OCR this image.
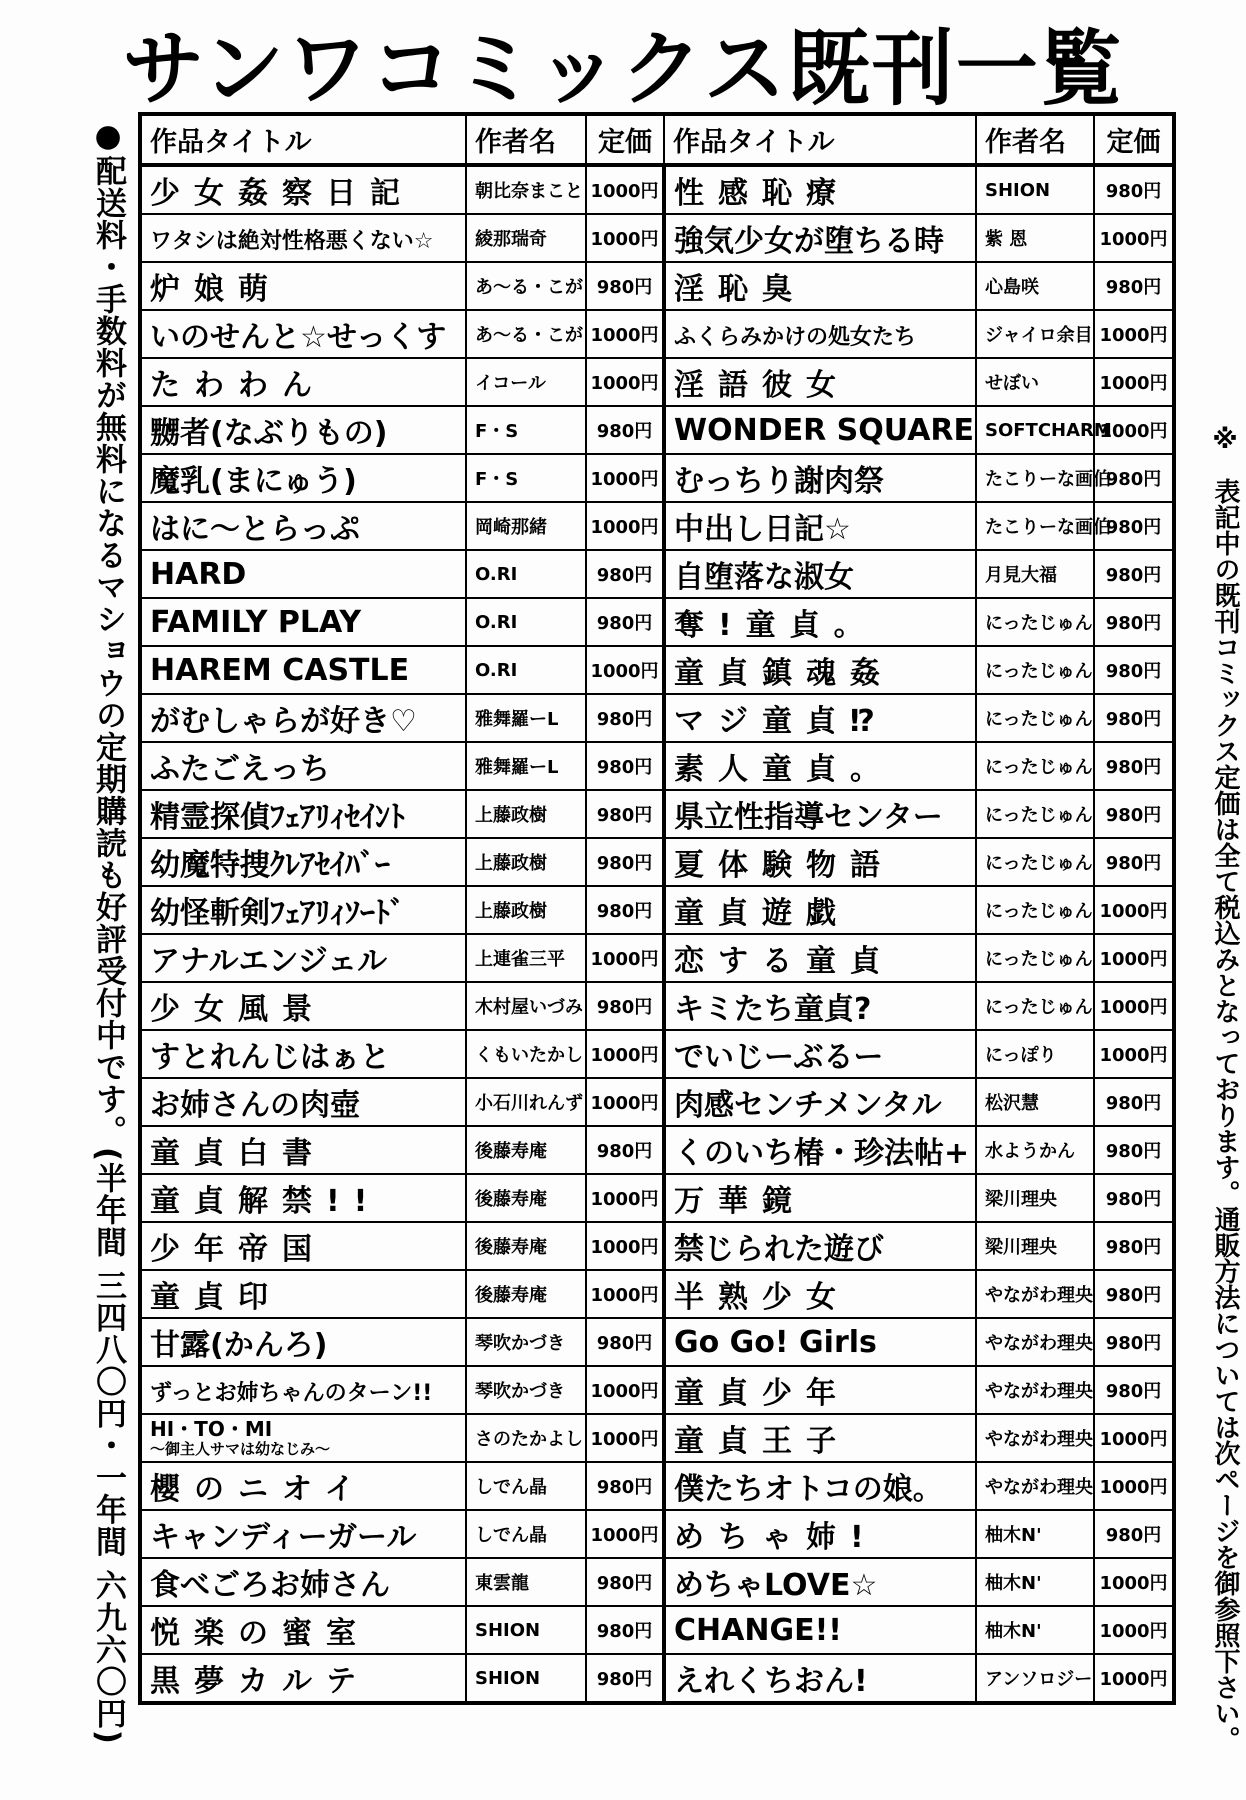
サンワコミックス既刊一覧
●配送料・手数料が無料になるマショウの定期購読も好評受付中です。(半年間 三四八〇円・一年間 六九六〇円)	※ 表記中の既刊コミックス定価は全て税込みとなっております。通販方法については次ページを御参照下さい。
作品タイトル	作者名	定価	作品タイトル	作者名	定価
少女姦察日記	朝比奈まこと	1000円	性感恥療	SHION	980円
ワタシは絶対性格悪くない☆	綾那瑞奇	1000円	強気少女が堕ちる時	紫 恩	1000円
炉娘萌	あ〜る・こが	980円	淫恥臭	心島咲	980円
いのせんと☆せっくす	あ〜る・こが	1000円	ふくらみかけの処女たち	ジャイロ余目	1000円
たわわん	イコール	1000円	淫語彼女	せぼい	1000円
嬲者(なぶりもの)	F・S	980円	WONDER SQUARE	SOFTCHARM	1000円
魔乳(まにゅう)	F・S	1000円	むっちり謝肉祭	たこりーな画伯	980円
はに〜とらっぷ	岡崎那緒	1000円	中出し日記☆	たこりーな画伯	980円
HARD	O.RI	980円	自堕落な淑女	月見大福	980円
FAMILY PLAY	O.RI	980円	奪!童貞。	にったじゅん	980円
HAREM CASTLE	O.RI	1000円	童貞鎮魂姦	にったじゅん	980円
がむしゃらが好き♡	雅舞羅ーL	980円	マジ童貞⁉	にったじゅん	980円
ふたごえっち	雅舞羅ーL	980円	素人童貞。	にったじゅん	980円
精霊探偵ﾌｪｱﾘｨｾｲﾝﾄ	上藤政樹	980円	県立性指導センター	にったじゅん	980円
幼魔特捜ｸﾚｱｾｲﾊﾞｰ	上藤政樹	980円	夏体験物語	にったじゅん	980円
幼怪斬剣ﾌｪｱﾘｨｿｰﾄﾞ	上藤政樹	980円	童貞遊戯	にったじゅん	1000円
アナルエンジェル	上連雀三平	1000円	恋する童貞	にったじゅん	1000円
少女風景	木村屋いづみ	980円	キミたち童貞?	にったじゅん	1000円
すとれんじはぁと	くもいたかし	1000円	でいじーぶるー	にっぽり	1000円
お姉さんの肉壺	小石川れんず	1000円	肉感センチメンタル	松沢慧	980円
童貞白書	後藤寿庵	980円	くのいち椿・珍法帖+	水ようかん	980円
童貞解禁!!	後藤寿庵	1000円	万華鏡	梁川理央	980円
少年帝国	後藤寿庵	1000円	禁じられた遊び	梁川理央	980円
童貞印	後藤寿庵	1000円	半熟少女	やながわ理央	980円
甘露(かんろ)	琴吹かづき	980円	Go Go! Girls	やながわ理央	980円
ずっとお姉ちゃんのターン!!	琴吹かづき	1000円	童貞少年	やながわ理央	980円

HI・TO・MI
〜御主人サマは幼なじみ〜	さのたかよし	1000円	童貞王子	やながわ理央	1000円
櫻のニオイ	しでん晶	980円	僕たちオトコの娘。	やながわ理央	1000円
キャンディーガール	しでん晶	1000円	めちゃ姉!	柚木N'	980円
食べごろお姉さん	東雲龍	980円	めちゃLOVE☆	柚木N'	1000円
悦楽の蜜室	SHION	980円	CHANGE!!	柚木N'	1000円
黒夢カルテ	SHION	980円	えれくちおん!	アンソロジー	1000円
